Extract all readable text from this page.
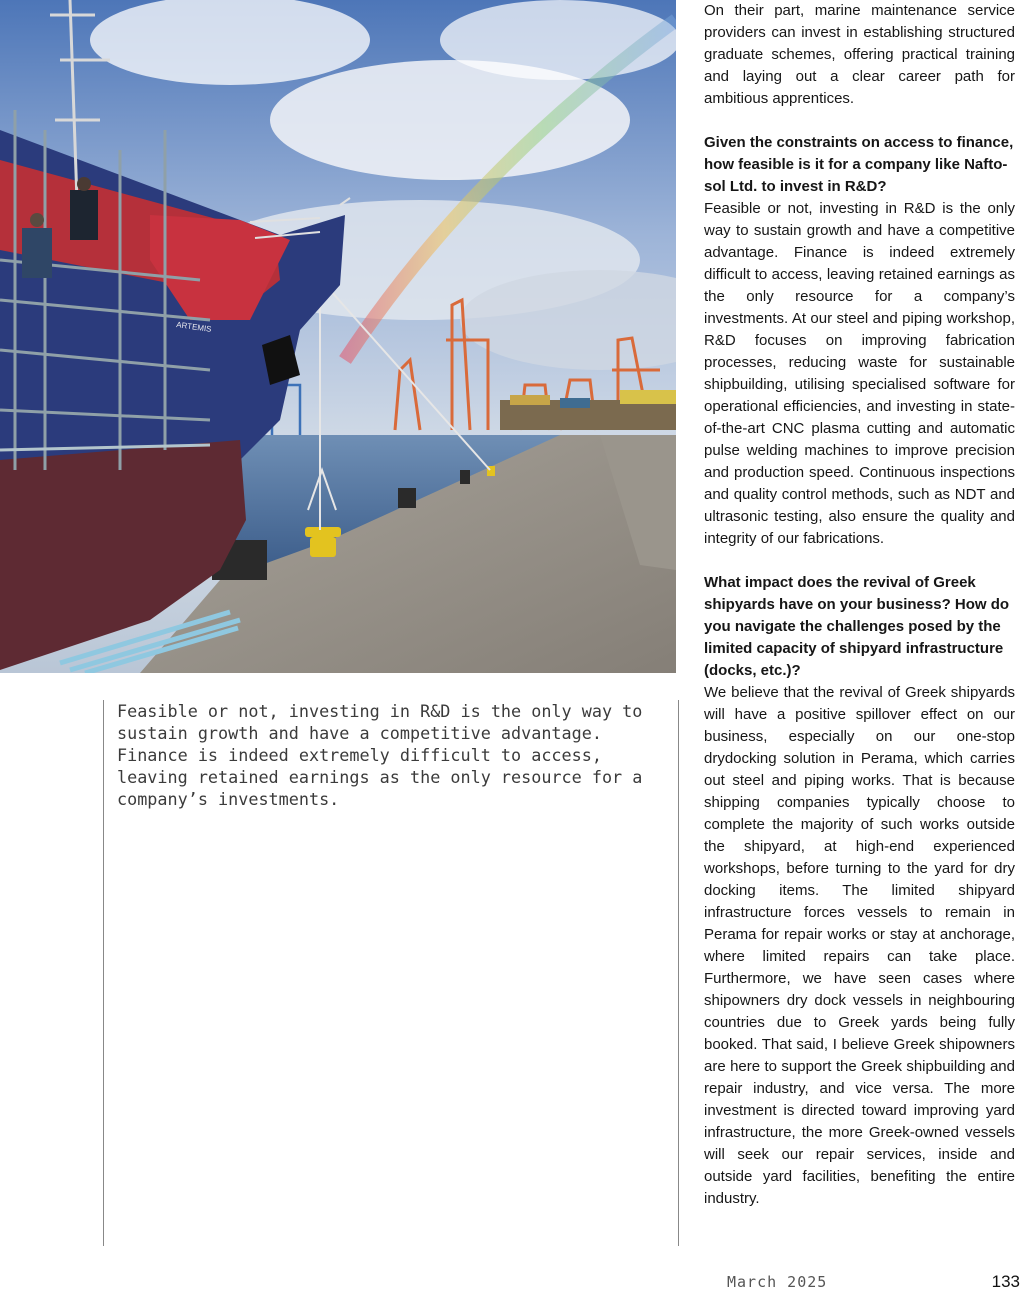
ARTEMIS

Feasible or not, investing in R&D is the only way to sustain growth and have a competitive advantage. Finance is indeed extremely difficult to access, leaving retained earnings as the only resource for a company’s investments.

On their part, marine maintenance service providers can invest in establishing structured graduate schemes, offering practical training and laying out a clear career path for ambitious apprentices.

Given the constraints on access to finance, how feasible is it for a company like Naftosol Ltd. to invest in R&D?

Feasible or not, investing in R&D is the only way to sustain growth and have a competitive advantage. Finance is indeed extremely difficult to access, leaving retained earnings as the only resource for a company’s investments. At our steel and piping workshop, R&D focuses on improving fabrication processes, reducing waste for sustainable shipbuilding, utilising specialised software for operational efficiencies, and investing in state-of-the-art CNC plasma cutting and automatic pulse welding machines to improve precision and production speed. Continuous inspections and quality control methods, such as NDT and ultrasonic testing, also ensure the quality and integrity of our fabrications.

What impact does the revival of Greek shipyards have on your business? How do you navigate the challenges posed by the limited capacity of shipyard infrastructure (docks, etc.)?

We believe that the revival of Greek shipyards will have a positive spillover effect on our business, especially on our one-stop drydocking solution in Perama, which carries out steel and piping works. That is because shipping companies typically choose to complete the majority of such works outside the shipyard, at high-end experienced workshops, before turning to the yard for dry docking items. The limited shipyard infrastructure forces vessels to remain in Perama for repair works or stay at anchorage, where limited repairs can take place. Furthermore, we have seen cases where shipowners dry dock vessels in neighbouring countries due to Greek yards being fully booked. That said, I believe Greek shipowners are here to support the Greek shipbuilding and repair industry, and vice versa. The more investment is directed toward improving yard infrastructure, the more Greek-owned vessels will seek our repair services, inside and outside yard facilities, benefiting the entire industry.

March 2025	133
